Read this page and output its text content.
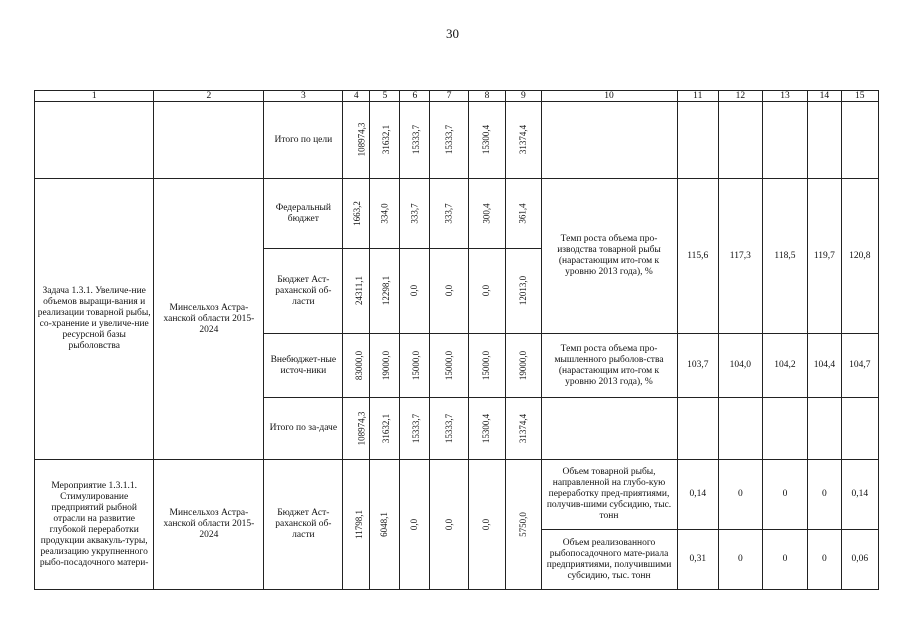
30
1	2	3	4	5	6	7	8	9	10	11	12	13	14	15
		Итого по цели	108974,3	31632,1	15333,7	15333,7	15300,4	31374,4						
Задача 1.3.1. Увеличе-ние объемов выращи-вания и реализации товарной рыбы, со-хранение и увеличе-ние ресурсной базы рыболовства	Минсельхоз Астра-ханской области 2015-2024	Федеральный бюджет	1663,2	334,0	333,7	333,7	300,4	361,4	Темп роста объема про-изводства товарной рыбы (нарастающим ито-гом к уровню 2013 года), %	115,6	117,3	118,5	119,7	120,8
		Бюджет Аст-раханской об-ласти	24311,1	12298,1	0,0	0,0	0,0	12013,0						
		Внебюджет-ные источ-ники	83000,0	19000,0	15000,0	15000,0	15000,0	19000,0	Темп роста объема про-мышленного рыболов-ства (нарастающим ито-гом к уровню 2013 года), %	103,7	104,0	104,2	104,4	104,7
		Итого по за-даче	108974,3	31632,1	15333,7	15333,7	15300,4	31374,4						
Мероприятие 1.3.1.1. Стимулирование предприятий рыбной отрасли на развитие глубокой переработки продукции аквакуль-туры, реализацию укрупненного рыбо-посадочного матери-	Минсельхоз Астра-ханской области 2015-2024	Бюджет Аст-раханской об-ласти	11798,1	6048,1	0,0	0,0	0,0	5750,0	Объем товарной рыбы, направленной на глубо-кую переработку пред-приятиями, получив-шими субсидию, тыс. тонн	0,14	0	0	0	0,14
									Объем реализованного рыбопосадочного мате-риала предприятиями, получившими субсидию, тыс. тонн	0,31	0	0	0	0,06
